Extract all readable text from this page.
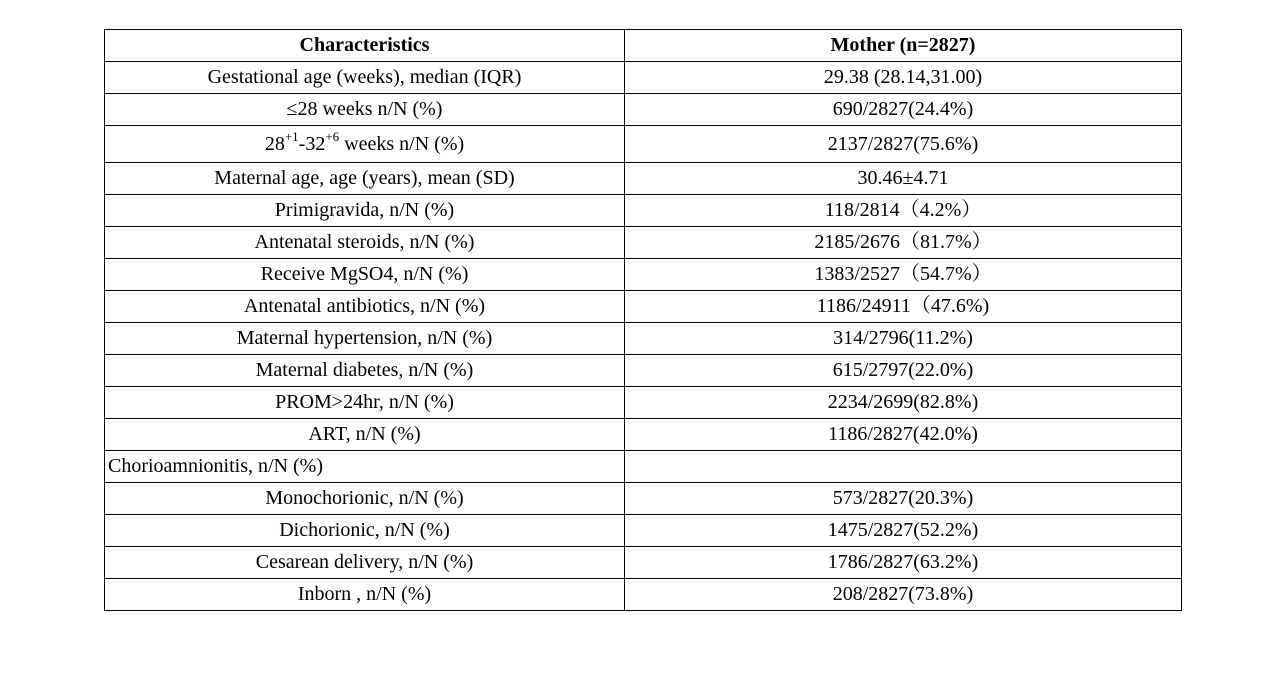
Characteristics	Mother (n=2827)
Gestational age (weeks), median (IQR)	29.38 (28.14,31.00)
≤28 weeks n/N (%)	690/2827(24.4%)
$28^{+1}-32^{+6}$ weeks n/N (%)	2137/2827(75.6%)
Maternal age, age (years), mean (SD)	30.46±4.71
Primigravida, n/N (%)	118/2814（4.2%）
Antenatal steroids, n/N (%)	2185/2676（81.7%）
Receive MgSO4, n/N (%)	1383/2527（54.7%）
Antenatal antibiotics, n/N (%)	1186/24911（47.6%)
Maternal hypertension, n/N (%)	314/2796(11.2%)
Maternal diabetes, n/N (%)	615/2797(22.0%)
PROM>24hr, n/N (%)	2234/2699(82.8%)
ART, n/N (%)	1186/2827(42.0%)
Chorioamnionitis, n/N (%)	
Monochorionic, n/N (%)	573/2827(20.3%)
Dichorionic, n/N (%)	1475/2827(52.2%)
Cesarean delivery, n/N (%)	1786/2827(63.2%)
Inborn , n/N (%)	208/2827(73.8%)
